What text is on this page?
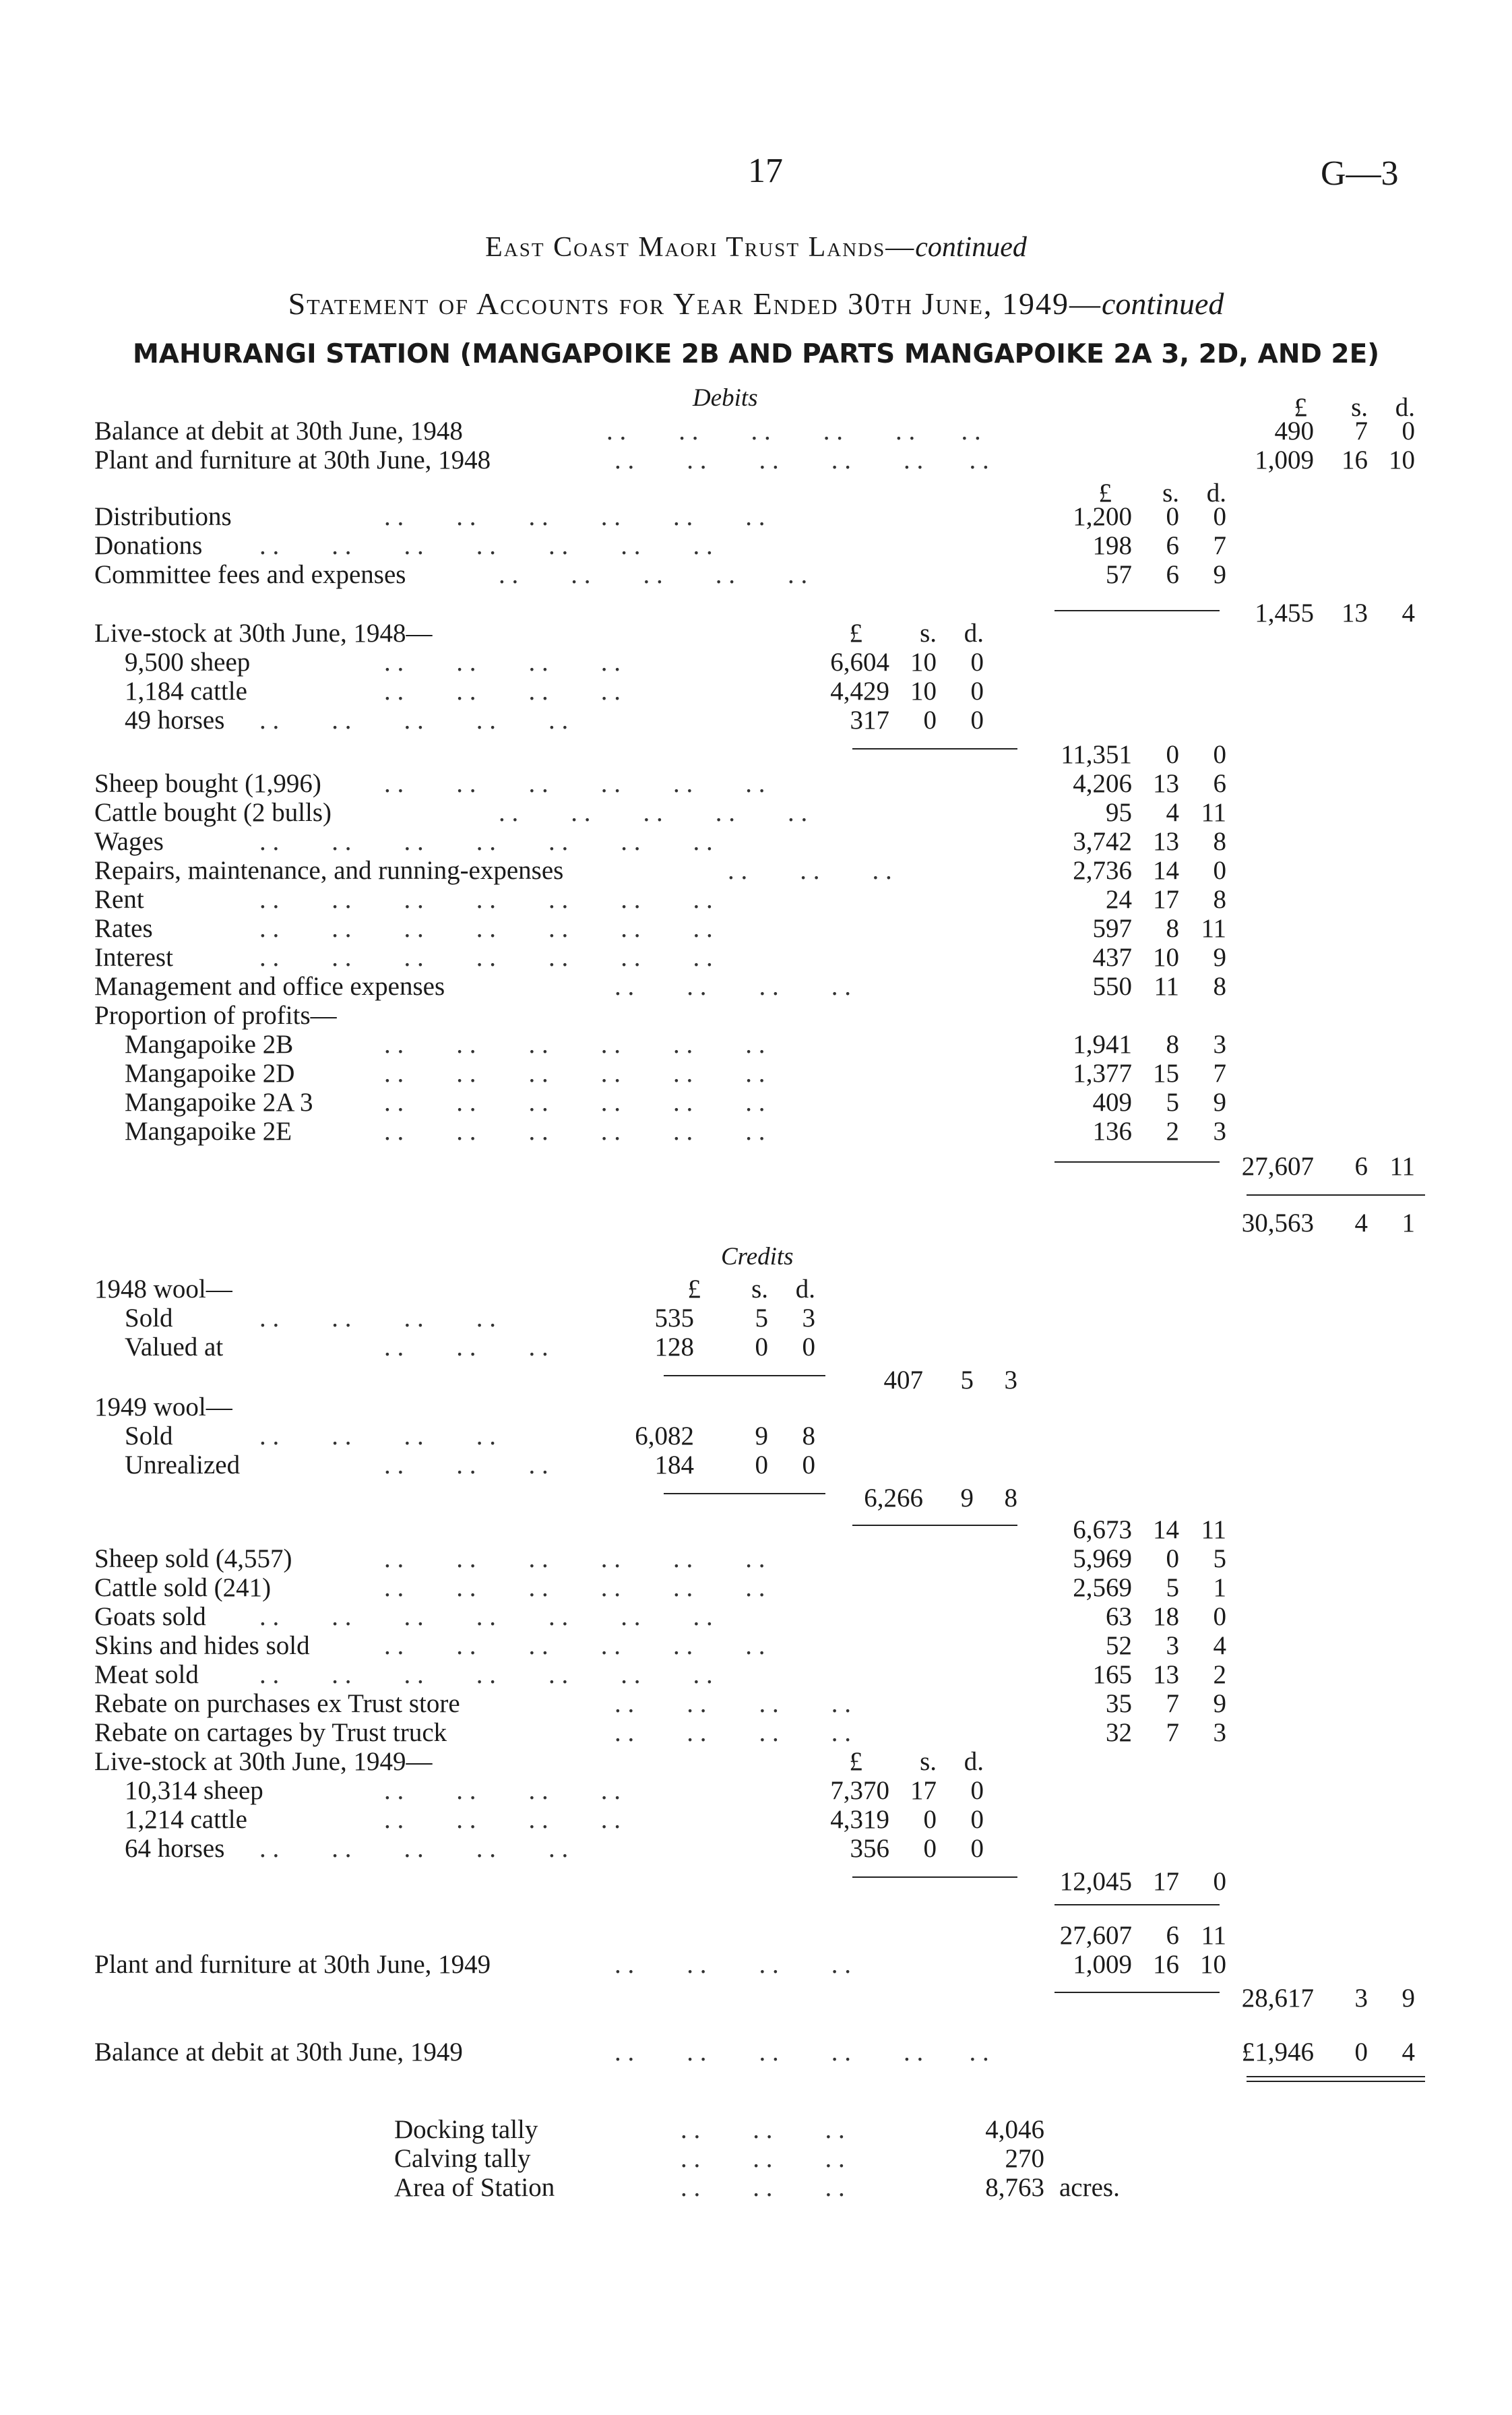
17	G—3
East Coast Maori Trust Lands—continued
Statement of Accounts for Year Ended 30th June, 1949—continued
MAHURANGI STATION (MANGAPOIKE 2B AND PARTS MANGAPOIKE 2A 3, 2D, AND 2E)
Debits	£	s.	d.
Balance at debit at 30th June, 1948	. .        . .        . .        . .        . .       . .	490	7	0
Plant and furniture at 30th June, 1948	. .        . .        . .        . .        . .       . .	1,009 16 10
£	s.	d.
Distributions	. .        . .        . .        . .        . .        . .	1,200	0	0
Donations . .        . .        . .        . .        . .        . .        . .	198	6	7
Committee fees and expenses	. .        . .        . .        . .        . .	57	6	9
1,455 13	4
Live-stock at 30th June, 1948—	£	s.	d.
9,500 sheep	. .        . .        . .        . .	6,604 10	0
1,184 cattle	. .        . .        . .        . .	4,429 10	0
49 horses . .        . .        . .        . .        . .	317	0	0
11,351	0	0
Sheep bought (1,996) . .        . .        . .        . .        . .        . .	4,206 13	6
Cattle bought (2 bulls)	. .        . .        . .        . .        . .	95	4 11
Wages	. .        . .        . .        . .        . .        . .        . .	3,742 13	8
Repairs, maintenance, and running-expenses	. .        . .        . .	2,736 14	0
Rent	. .        . .        . .        . .        . .        . .        . .	24 17	8
Rates	. .        . .        . .        . .        . .        . .        . .	597	8 11
Interest	. .        . .        . .        . .        . .        . .        . .	437 10	9
Management and office expenses	. .        . .        . .        . .	550 11	8
Proportion of profits—
Mangapoike 2B	. .        . .        . .        . .        . .        . .	1,941	8	3
Mangapoike 2D	. .        . .        . .        . .        . .        . .	1,377 15	7
Mangapoike 2A 3	. .        . .        . .        . .        . .        . .	409	5	9
Mangapoike 2E	. .        . .        . .        . .        . .        . .	136	2	3
27,607	6 11
30,563	4	1
Credits
1948 wool—	£	s.	d.
Sold	. .        . .        . .        . .	535	5	3
Valued at	. .        . .        . .	128	0	0
407	5	3
1949 wool—
Sold	. .        . .        . .        . .	6,082	9	8
Unrealized	. .        . .        . .	184	0	0
6,266	9	8
6,673 14 11
Sheep sold (4,557)	. .        . .        . .        . .        . .        . .	5,969	0	5
Cattle sold (241)	. .        . .        . .        . .        . .        . .	2,569	5	1
Goats sold . .        . .        . .        . .        . .        . .        . .	63 18	0
Skins and hides sold	. .        . .        . .        . .        . .        . .	52	3	4
Meat sold . .        . .        . .        . .        . .        . .        . .	165 13	2
Rebate on purchases ex Trust store	. .        . .        . .        . .	35	7	9
Rebate on cartages by Trust truck	. .        . .        . .        . .	32	7	3
Live-stock at 30th June, 1949—	£	s.	d.
10,314 sheep	. .        . .        . .        . .	7,370 17	0
1,214 cattle	. .        . .        . .        . .	4,319	0	0
64 horses . .        . .        . .        . .        . .	356	0	0
12,045 17	0
27,607	6 11
Plant and furniture at 30th June, 1949	. .        . .        . .        . .	1,009 16 10
28,617	3	9
Balance at debit at 30th June, 1949	. .        . .        . .        . .        . .       . .	£1,946	0	4
Docking tally	. .        . .        . .	4,046
Calving tally	. .        . .        . .	270
Area of Station	. .        . .        . .	8,763 acres.
